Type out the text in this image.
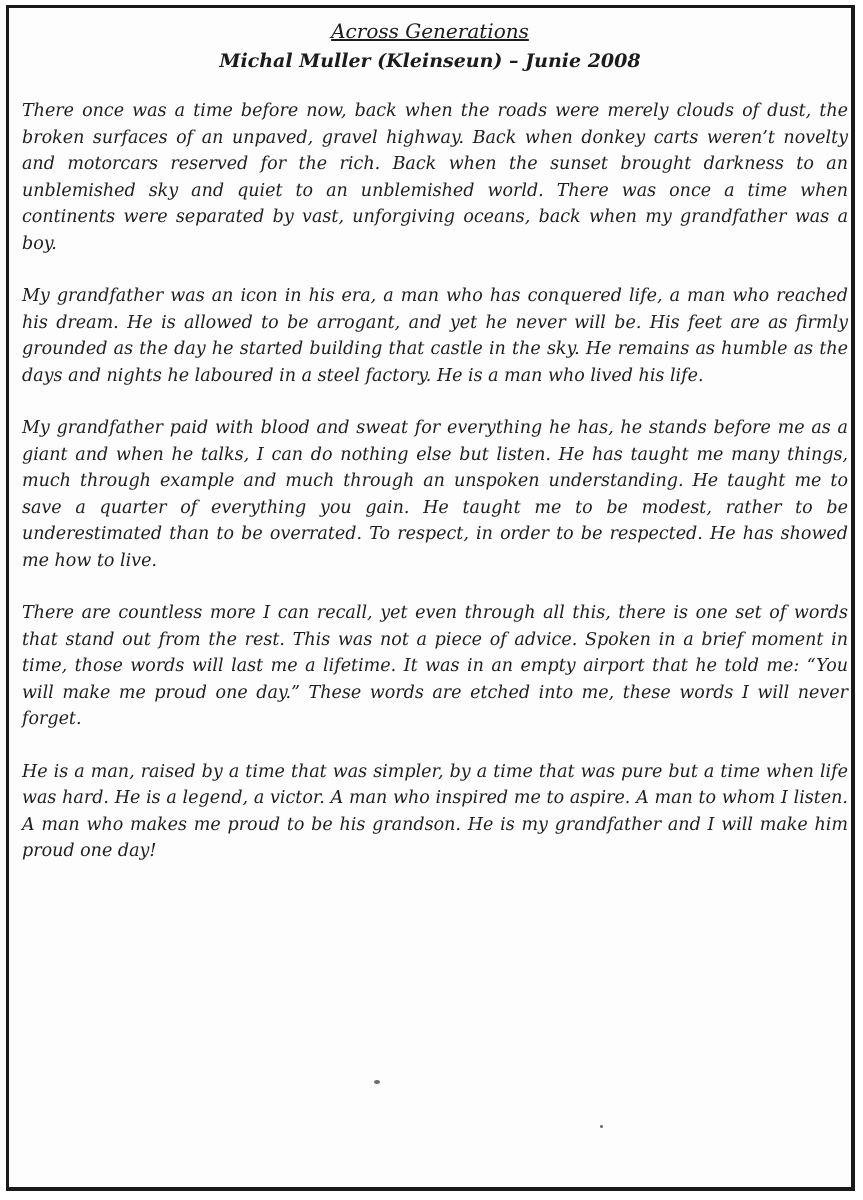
Across Generations
Michal Muller (Kleinseun) – Junie 2008

There once was a time before now, back when the roads were merely clouds of dust, the broken surfaces of an unpaved, gravel highway. Back when donkey carts weren’t novelty and motorcars reserved for the rich. Back when the sunset brought darkness to an unblemished sky and quiet to an unblemished world. There was once a time when continents were separated by vast, unforgiving oceans, back when my grandfather was a boy.

My grandfather was an icon in his era, a man who has conquered life, a man who reached his dream. He is allowed to be arrogant, and yet he never will be. His feet are as firmly grounded as the day he started building that castle in the sky. He remains as humble as the days and nights he laboured in a steel factory. He is a man who lived his life.

My grandfather paid with blood and sweat for everything he has, he stands before me as a giant and when he talks, I can do nothing else but listen. He has taught me many things, much through example and much through an unspoken understanding. He taught me to save a quarter of everything you gain. He taught me to be modest, rather to be underestimated than to be overrated. To respect, in order to be respected. He has showed me how to live.

There are countless more I can recall, yet even through all this, there is one set of words that stand out from the rest. This was not a piece of advice. Spoken in a brief moment in time, those words will last me a lifetime. It was in an empty airport that he told me: “You will make me proud one day.” These words are etched into me, these words I will never forget.

He is a man, raised by a time that was simpler, by a time that was pure but a time when life was hard. He is a legend, a victor. A man who inspired me to aspire. A man to whom I listen. A man who makes me proud to be his grandson. He is my grandfather and I will make him proud one day!
